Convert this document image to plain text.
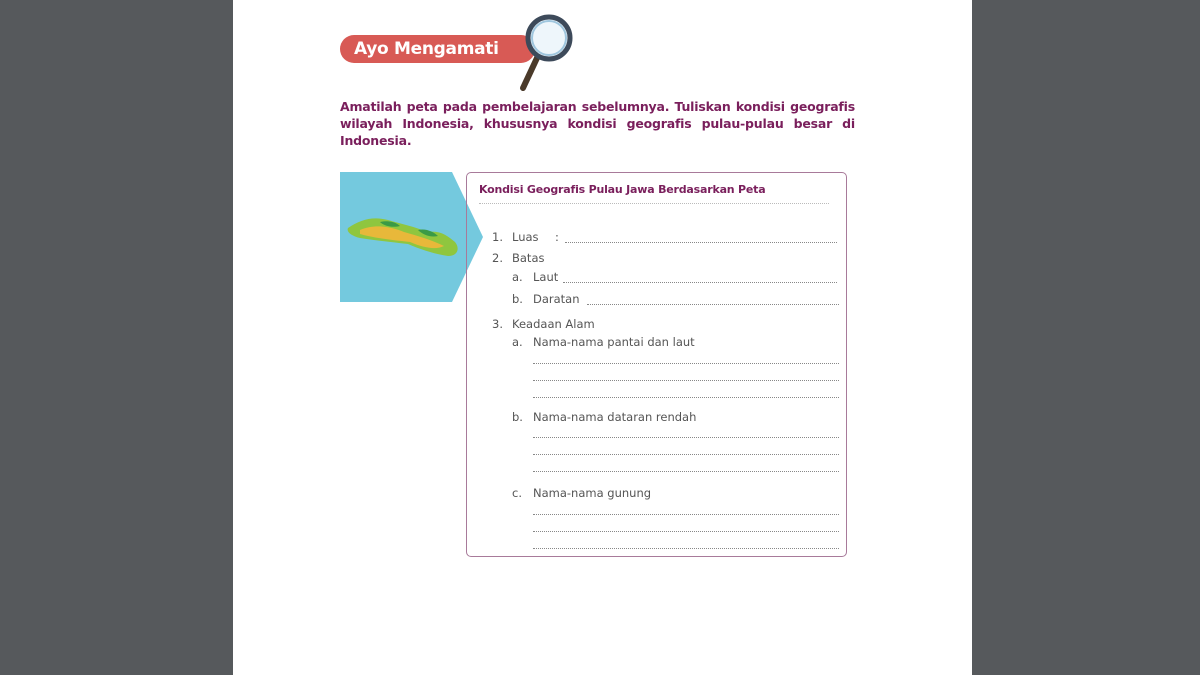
Ayo Mengamati
Amatilah peta pada pembelajaran sebelumnya. Tuliskan kondisi geografis wilayah Indonesia, khususnya kondisi geografis pulau-pulau besar di Indonesia.
Kondisi Geografis Pulau Jawa Berdasarkan Peta
1. Luas :
2. Batas
a. Laut
b. Daratan
3. Keadaan Alam
a. Nama-nama pantai dan laut
b. Nama-nama dataran rendah
c. Nama-nama gunung
